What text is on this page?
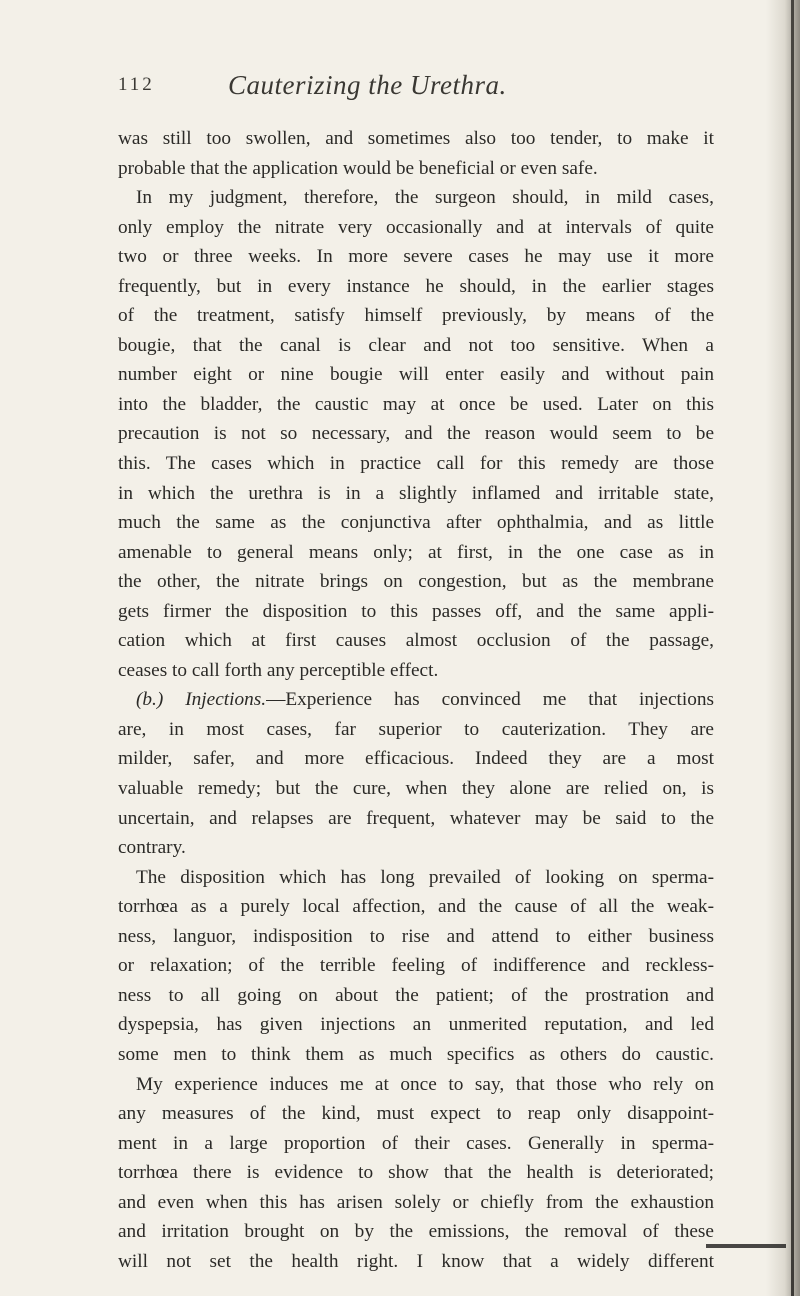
112	Cauterizing the Urethra.
was still too swollen, and sometimes also too tender, to make it
probable that the application would be beneficial or even safe.
In my judgment, therefore, the surgeon should, in mild cases,
only employ the nitrate very occasionally and at intervals of quite
two or three weeks. In more severe cases he may use it more
frequently, but in every instance he should, in the earlier stages
of the treatment, satisfy himself previously, by means of the
bougie, that the canal is clear and not too sensitive. When a
number eight or nine bougie will enter easily and without pain
into the bladder, the caustic may at once be used. Later on this
precaution is not so necessary, and the reason would seem to be
this. The cases which in practice call for this remedy are those
in which the urethra is in a slightly inflamed and irritable state,
much the same as the conjunctiva after ophthalmia, and as little
amenable to general means only; at first, in the one case as in
the other, the nitrate brings on congestion, but as the membrane
gets firmer the disposition to this passes off, and the same appli-
cation which at first causes almost occlusion of the passage,
ceases to call forth any perceptible effect.
(b.) Injections.—Experience has convinced me that injections
are, in most cases, far superior to cauterization. They are
milder, safer, and more efficacious. Indeed they are a most
valuable remedy; but the cure, when they alone are relied on, is
uncertain, and relapses are frequent, whatever may be said to the
contrary.
The disposition which has long prevailed of looking on sperma-
torrhœa as a purely local affection, and the cause of all the weak-
ness, languor, indisposition to rise and attend to either business
or relaxation; of the terrible feeling of indifference and reckless-
ness to all going on about the patient; of the prostration and
dyspepsia, has given injections an unmerited reputation, and led
some men to think them as much specifics as others do caustic.
My experience induces me at once to say, that those who rely on
any measures of the kind, must expect to reap only disappoint-
ment in a large proportion of their cases. Generally in sperma-
torrhœa there is evidence to show that the health is deteriorated;
and even when this has arisen solely or chiefly from the exhaustion
and irritation brought on by the emissions, the removal of these
will not set the health right. I know that a widely different
